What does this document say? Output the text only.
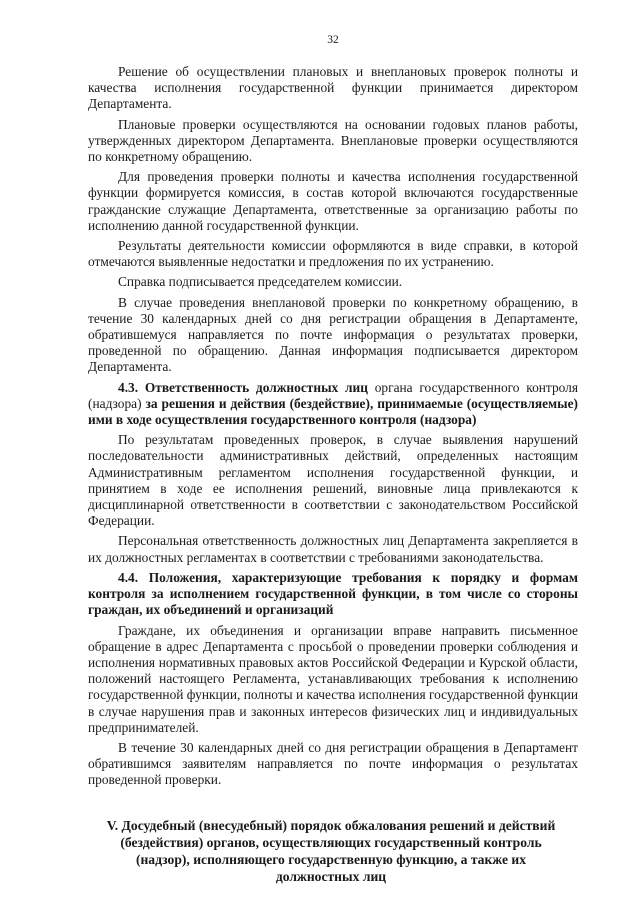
32

Решение об осуществлении плановых и внеплановых проверок полноты и качества исполнения государственной функции принимается директором Департамента.

Плановые проверки осуществляются на основании годовых планов работы, утвержденных директором Департамента. Внеплановые проверки осуществляются по конкретному обращению.

Для проведения проверки полноты и качества исполнения государственной функции формируется комиссия, в состав которой включаются государственные гражданские служащие Департамента, ответственные за организацию работы по исполнению данной государственной функции.

Результаты деятельности комиссии оформляются в виде справки, в которой отмечаются выявленные недостатки и предложения по их устранению.

Справка подписывается председателем комиссии.

В случае проведения внеплановой проверки по конкретному обращению, в течение 30 календарных дней со дня регистрации обращения в Департаменте, обратившемуся направляется по почте информация о результатах проверки, проведенной по обращению. Данная информация подписывается директором Департамента.

4.3. Ответственность должностных лиц органа государственного контроля (надзора) за решения и действия (бездействие), принимаемые (осуществляемые) ими в ходе осуществления государственного контроля (надзора)

По результатам проведенных проверок, в случае выявления нарушений последовательности административных действий, определенных настоящим Административным регламентом исполнения государственной функции, и принятием в ходе ее исполнения решений, виновные лица привлекаются к дисциплинарной ответственности в соответствии с законодательством Российской Федерации.

Персональная ответственность должностных лиц Департамента закрепляется в их должностных регламентах в соответствии с требованиями законодательства.

4.4. Положения, характеризующие требования к порядку и формам контроля за исполнением государственной функции, в том числе со стороны граждан, их объединений и организаций

Граждане, их объединения и организации вправе направить письменное обращение в адрес Департамента с просьбой о проведении проверки соблюдения и исполнения нормативных правовых актов Российской Федерации и Курской области, положений настоящего Регламента, устанавливающих требования к исполнению государственной функции, полноты и качества исполнения государственной функции в случае нарушения прав и законных интересов физических лиц и индивидуальных предпринимателей.

В течение 30 календарных дней со дня регистрации обращения в Департамент обратившимся заявителям направляется по почте информация о результатах проведенной проверки.

V. Досудебный (внесудебный) порядок обжалования решений и действий (бездействия) органов, осуществляющих государственный контроль (надзор), исполняющего государственную функцию, а также их должностных лиц
